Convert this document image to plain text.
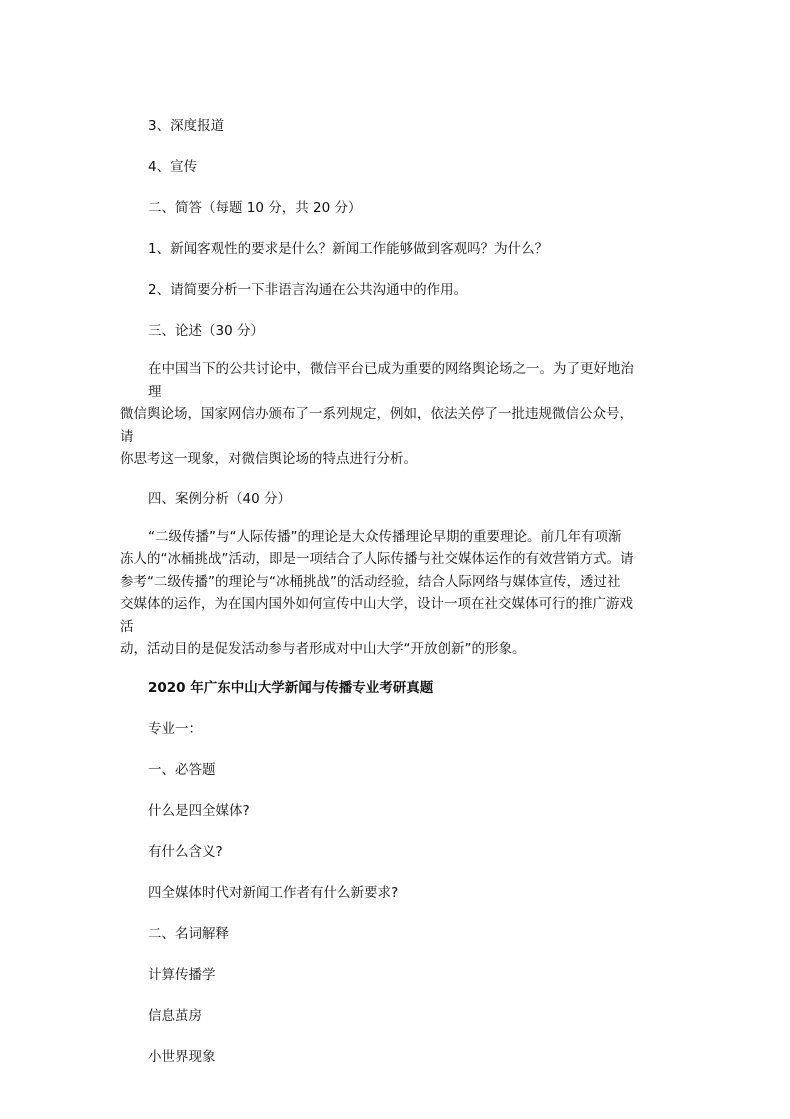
3、深度报道
4、宣传
二、简答（每题 10 分，共 20 分）
1、新闻客观性的要求是什么？新闻工作能够做到客观吗？为什么？
2、请简要分析一下非语言沟通在公共沟通中的作用。
三、论述（30 分）
在中国当下的公共讨论中，微信平台已成为重要的网络舆论场之一。为了更好地治理
微信舆论场，国家网信办颁布了一系列规定，例如，依法关停了一批违规微信公众号，请
你思考这一现象，对微信舆论场的特点进行分析。
四、案例分析（40 分）
“二级传播”与“人际传播”的理论是大众传播理论早期的重要理论。前几年有项渐
冻人的“冰桶挑战”活动，即是一项结合了人际传播与社交媒体运作的有效营销方式。请
参考“二级传播”的理论与“冰桶挑战”的活动经验，结合人际网络与媒体宣传，透过社
交媒体的运作，为在国内国外如何宣传中山大学，设计一项在社交媒体可行的推广游戏活
动，活动目的是促发活动参与者形成对中山大学“开放创新”的形象。
2020 年广东中山大学新闻与传播专业考研真题
专业一：
一、必答题
什么是四全媒体?
有什么含义?
四全媒体时代对新闻工作者有什么新要求?
二、名词解释
计算传播学
信息茧房
小世界现象
